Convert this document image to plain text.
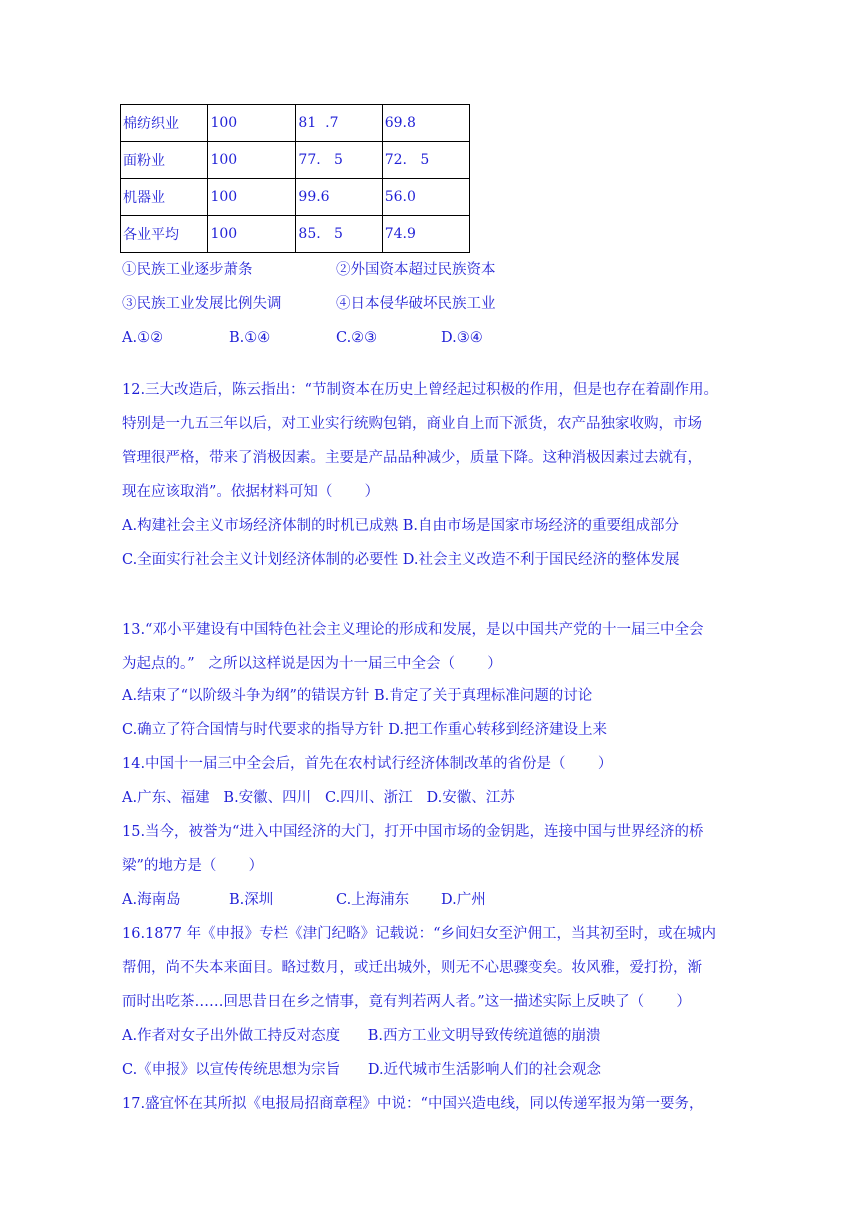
棉纺织业	100	81  .7	69.8
面粉业	100	77.   5	72.   5
机器业	100	99.6	56.0
各业平均	100	85.   5	74.9
①民族工业逐步萧条	②外国资本超过民族资本
③民族工业发展比例失调	④日本侵华破坏民族工业
A.①②	B.①④	C.②③	D.③④
12.三大改造后，陈云指出：“节制资本在历史上曾经起过积极的作用，但是也存在着副作用。
特别是一九五三年以后，对工业实行统购包销，商业自上而下派货，农产品独家收购，市场
管理很严格，带来了消极因素。主要是产品品种减少，质量下降。这种消极因素过去就有，
现在应该取消”。依据材料可知（       ）
A.构建社会主义市场经济体制的时机已成熟 B.自由市场是国家市场经济的重要组成部分
C.全面实行社会主义计划经济体制的必要性 D.社会主义改造不利于国民经济的整体发展
13.“邓小平建设有中国特色社会主义理论的形成和发展，是以中国共产党的十一届三中全会
为起点的。”   之所以这样说是因为十一届三中全会（       ）
A.结束了“以阶级斗争为纲”的错误方针 B.肯定了关于真理标准问题的讨论
C.确立了符合国情与时代要求的指导方针 D.把工作重心转移到经济建设上来
14.中国十一届三中全会后，首先在农村试行经济体制改革的省份是（       ）
A.广东、福建   B.安徽、四川   C.四川、浙江   D.安徽、江苏
15.当今，被誉为“进入中国经济的大门，打开中国市场的金钥匙，连接中国与世界经济的桥
梁”的地方是（       ）
A.海南岛	B.深圳	C.上海浦东 D.广州
16.1877 年《申报》专栏《津门纪略》记载说：“乡间妇女至沪佣工，当其初至时，或在城内
帮佣，尚不失本来面目。略过数月，或迁出城外，则无不心思骤变矣。妆风雅，爱打扮，渐
而时出吃茶……回思昔日在乡之情事，竟有判若两人者。”这一描述实际上反映了（       ）
A.作者对女子出外做工持反对态度      B.西方工业文明导致传统道德的崩溃
C.《申报》以宣传传统思想为宗旨      D.近代城市生活影响人们的社会观念
17.盛宜怀在其所拟《电报局招商章程》中说：“中国兴造电线，同以传递军报为第一要务，
